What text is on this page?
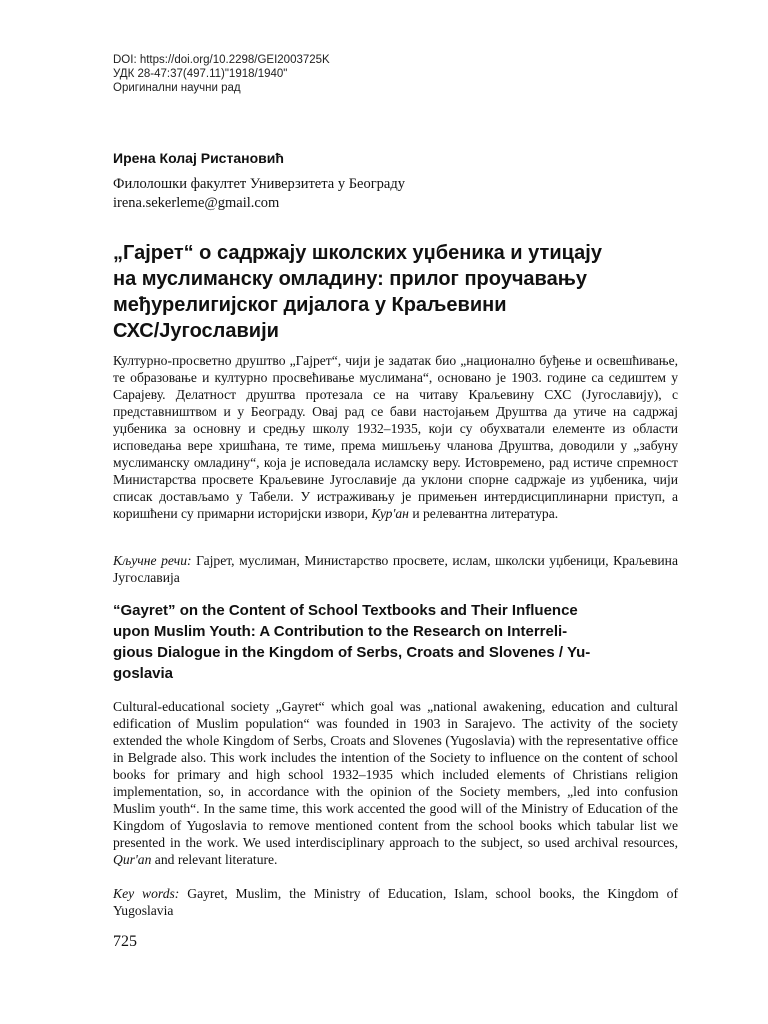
DOI: https://doi.org/10.2298/GEI2003725K
УДК 28-47:37(497.11)"1918/1940"
Оригинални научни рад
Ирена Колај Ристановић
Филолошки факултет Универзитета у Београду
irena.sekerleme@gmail.com
„Гајрет“ о садржају школских уџбеника и утицају
на муслиманску омладину: прилог проучавању
међурелигијског дијалога у Краљевини
СХС/Југославији
Културно-просветно друштво „Гајрет“, чији је задатак био „национално буђење и освешћивање, те образовање и културно просвећивање муслимана“, основано је 1903. године са седиштем у Сарајеву. Делатност друштва протезала се на читаву Краљевину СХС (Југославију), с представништвом и у Београду. Овај рад се бави настојањем Друштва да утиче на садржај уџбеника за основну и средњу школу 1932–1935, који су обухватали елементе из области исповедања вере хришћана, те тиме, према мишљењу чланова Друштва, доводили у „забуну муслиманску омладину“, која је исповедала исламску веру. Истовремено, рад истиче спремност Министарства просвете Краљевине Југославије да уклони спорне садржаје из уџбеника, чији списак достављамо у Табели. У истраживању је примењен интердисциплинарни приступ, а коришћени су примарни историјски извори, Кур'ан и релевантна литература.
Кључне речи: Гајрет, муслиман, Министарство просвете, ислам, школски уџбеници, Краљевина Југославија
“Gayret” on the Content of School Textbooks and Their Influence
upon Muslim Youth: A Contribution to the Research on Interreli-
gious Dialogue in the Kingdom of Serbs, Croats and Slovenes / Yu-
goslavia
Cultural-educational society „Gayret“ which goal was „national awakening, education and cultural edification of Muslim population“ was founded in 1903 in Sarajevo. The activity of the society extended the whole Kingdom of Serbs, Croats and Slovenes (Yugoslavia) with the representative office in Belgrade also. This work includes the intention of the Society to influence on the content of school books for primary and high school 1932–1935 which included elements of Christians religion implementation, so, in accordance with the opinion of the Society members, „led into confusion Muslim youth“. In the same time, this work accented the good will of the Ministry of Education of the Kingdom of Yugoslavia to remove mentioned content from the school books which tabular list we presented in the work. We used interdisciplinary approach to the subject, so used archival resources, Qur'an and relevant literature.
Key words: Gayret, Muslim, the Ministry of Education, Islam, school books, the Kingdom of Yugoslavia
725
